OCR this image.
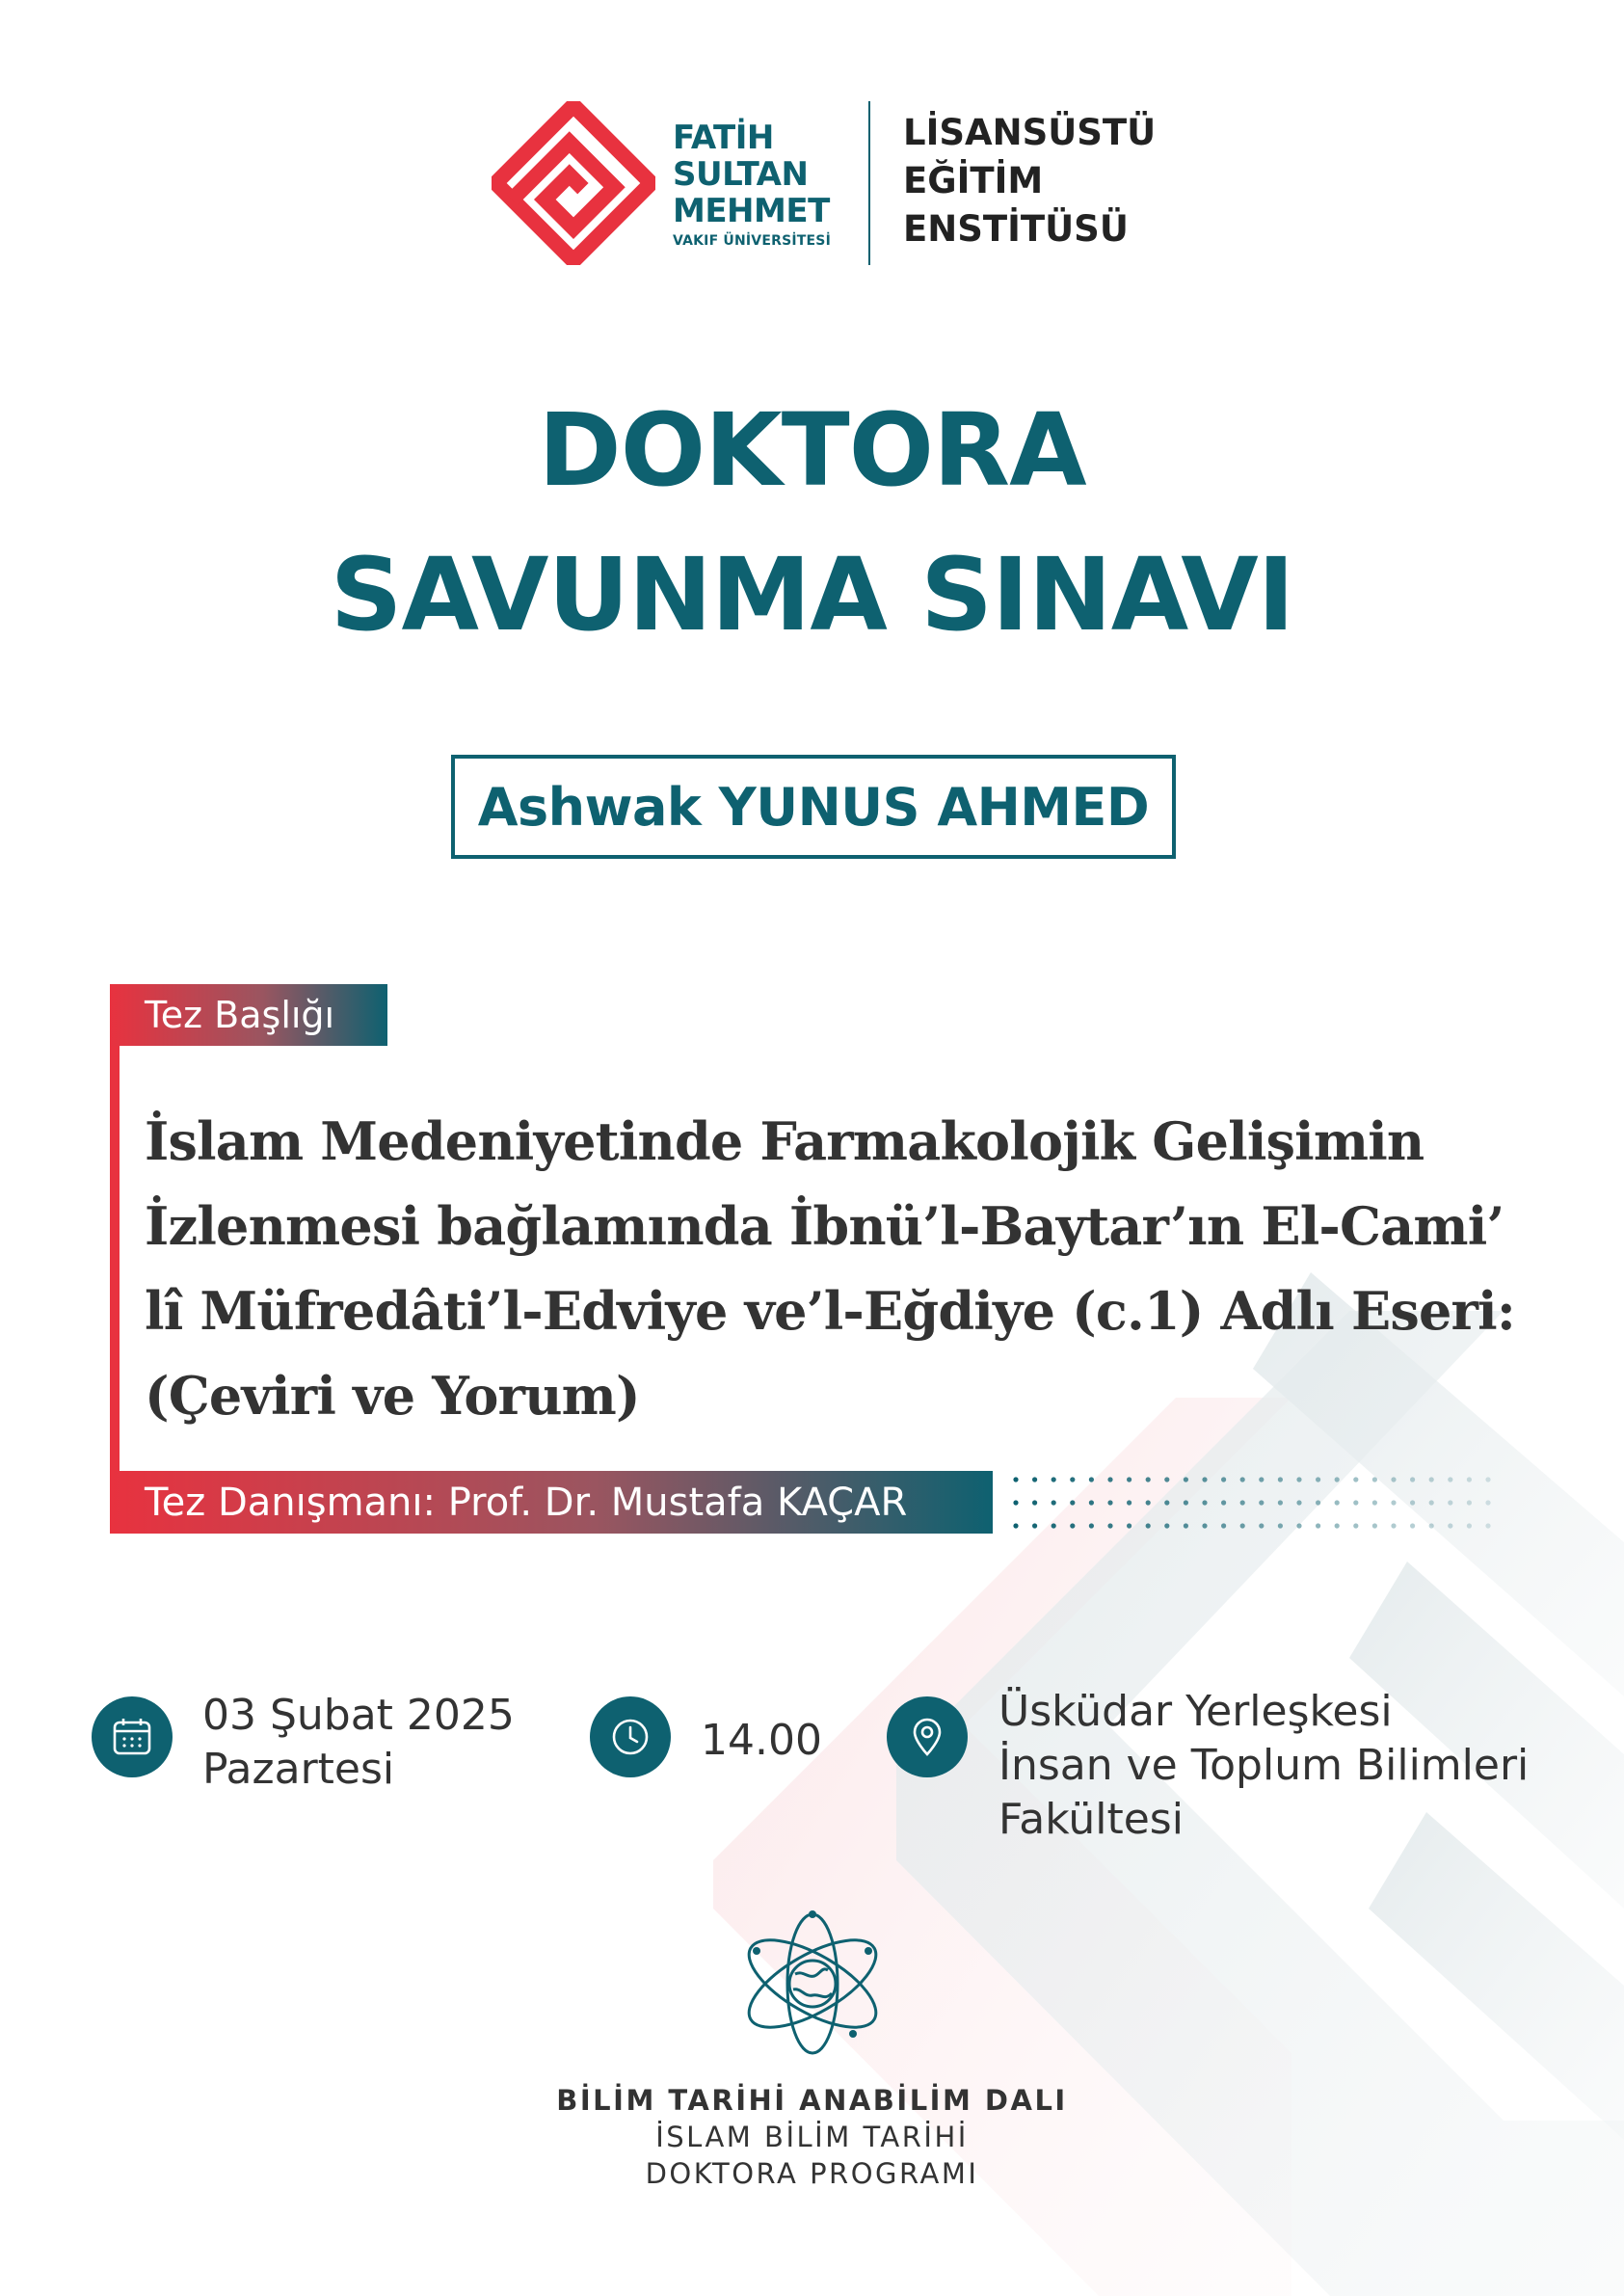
FATİH
SULTAN
MEHMET
VAKIF ÜNİVERSİTESİ
LİSANSÜSTÜ
EĞİTİM
ENSTİTÜSÜ
DOKTORA
SAVUNMA SINAVI
Ashwak YUNUS AHMED
Tez Başlığı
İslam Medeniyetinde Farmakolojik Gelişimin
İzlenmesi bağlamında İbnü’l-Baytar’ın El-Cami’
lî Müfredâti’l-Edviye ve’l-Eğdiye (c.1) Adlı Eseri:
(Çeviri ve Yorum)
Tez Danışmanı: Prof. Dr. Mustafa KAÇAR
03 Şubat 2025
Pazartesi
14.00
Üsküdar Yerleşkesi
İnsan ve Toplum Bilimleri
Fakültesi
BİLİM TARİHİ ANABİLİM DALI
İSLAM BİLİM TARİHİ
DOKTORA PROGRAMI
